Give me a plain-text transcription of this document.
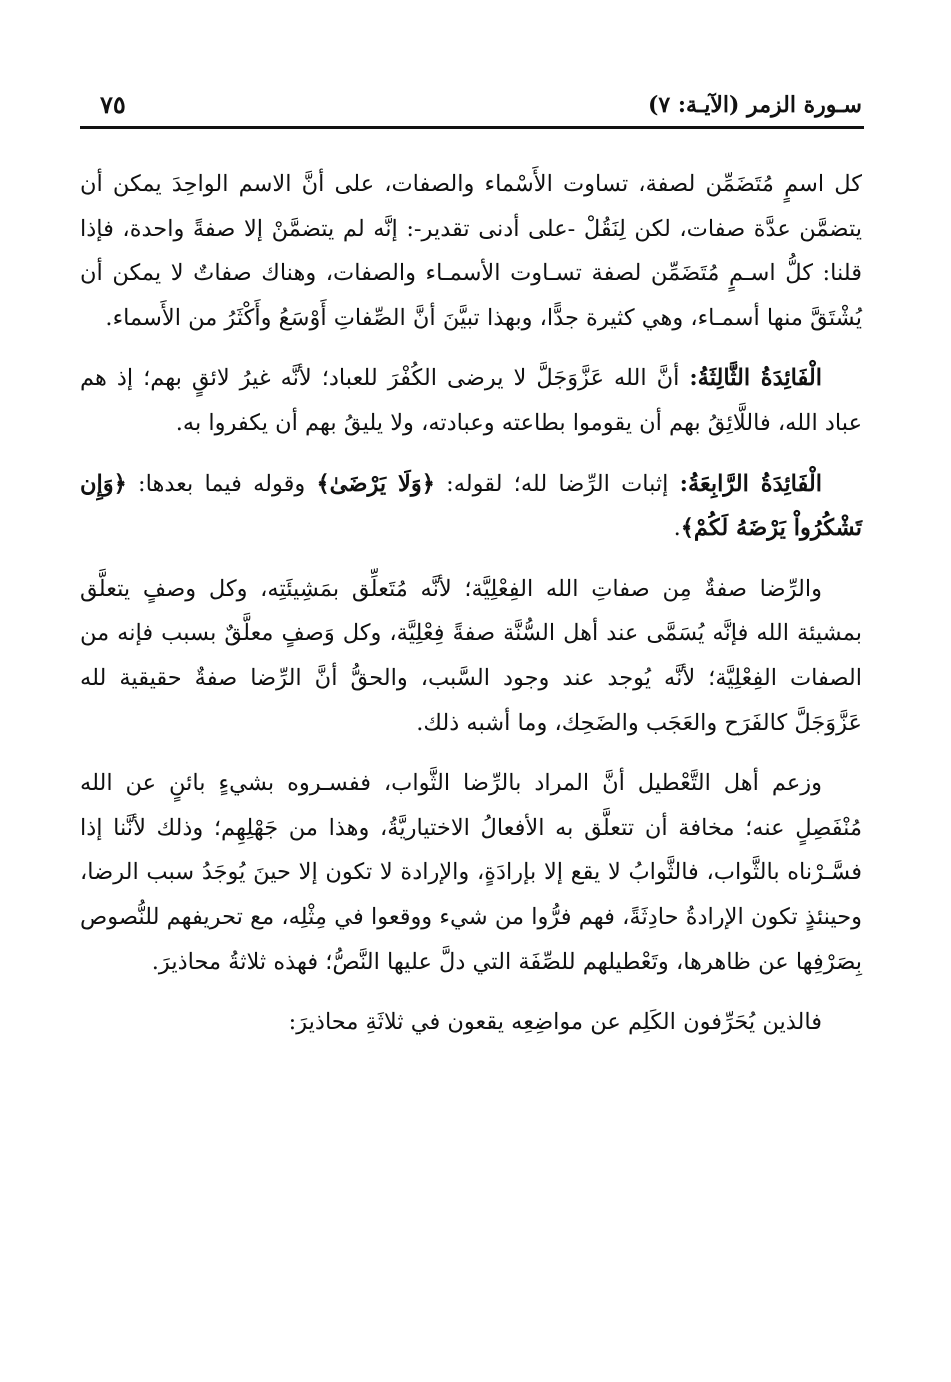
سـورة الزمر (الآيـة: ٧)
٧٥

كل اسمٍ مُتَضَمِّن لصفة، تساوت الأَسْماء والصفات، على أنَّ الاسم الواحِدَ يمكن أن يتضمَّن عدَّة صفات، لكن لِنَقُلْ -على أدنى تقدير-: إنَّه لم يتضمَّنْ إلا صفةً واحدة، فإذا قلنا: كلُّ اسـمٍ مُتَضَمِّن لصفة تسـاوت الأسمـاء والصفات، وهناك صفاتٌ لا يمكن أن يُشْتَقَّ منها أسمـاء، وهي كثيرة جدًّا، وبهذا تبيَّنَ أنَّ الصِّفاتِ أَوْسَعُ وأَكْثَرُ من الأَسماء.

الْفَائِدَةُ الثَّالِثَةُ: أنَّ الله عَزَّوَجَلَّ لا يرضى الكُفْرَ للعباد؛ لأنَّه غيرُ لائقٍ بهم؛ إذ هم عباد الله، فاللَّائِقُ بهم أن يقوموا بطاعته وعبادته، ولا يليقُ بهم أن يكفروا به.

الْفَائِدَةُ الرَّابِعَةُ: إثبات الرِّضا لله؛ لقوله: ﴿وَلَا يَرْضَىٰ﴾ وقوله فيما بعدها: ﴿وَإِن تَشْكُرُواْ يَرْضَهُ لَكُمْ﴾.

والرِّضا صفةٌ مِن صفاتِ الله الفِعْلِيَّة؛ لأنَّه مُتَعلِّق بمَشِيئَتِه، وكل وصفٍ يتعلَّق بمشيئة الله فإنَّه يُسَمَّى عند أهل السُّنَّة صفةً فِعْلِيَّة، وكل وَصفٍ معلَّقٌ بسبب فإنه من الصفات الفِعْلِيَّة؛ لأنَّه يُوجد عند وجود السَّبب، والحقُّ أنَّ الرِّضا صفةٌ حقيقية لله عَزَّوَجَلَّ كالفَرَح والعَجَب والضَحِك، وما أشبه ذلك.

وزعم أهل التَّعْطيل أنَّ المراد بالرِّضا الثَّواب، ففسـروه بشيءٍ بائنٍ عن الله مُنْفَصِلٍ عنه؛ مخافة أن تتعلَّق به الأفعالُ الاختياريَّةُ، وهذا من جَهْلِهِم؛ وذلك لأنَّنا إذا فسَّـرْناه بالثَّواب، فالثَّوابُ لا يقع إلا بإرادَةٍ، والإرادة لا تكون إلا حينَ يُوجَدُ سبب الرضا، وحينئذٍ تكون الإرادةُ حادِثَةً، فهم فرُّوا من شيء ووقعوا في مِثْلِه، مع تحريفهم للنُّصوص بِصَرْفِها عن ظاهرها، وتَعْطيلهم للصِّفَة التي دلَّ عليها النَّصُّ؛ فهذه ثلاثةُ محاذيرَ.

فالذين يُحَرِّفون الكَلِم عن مواضِعِه يقعون في ثلاثَةِ محاذيرَ:
